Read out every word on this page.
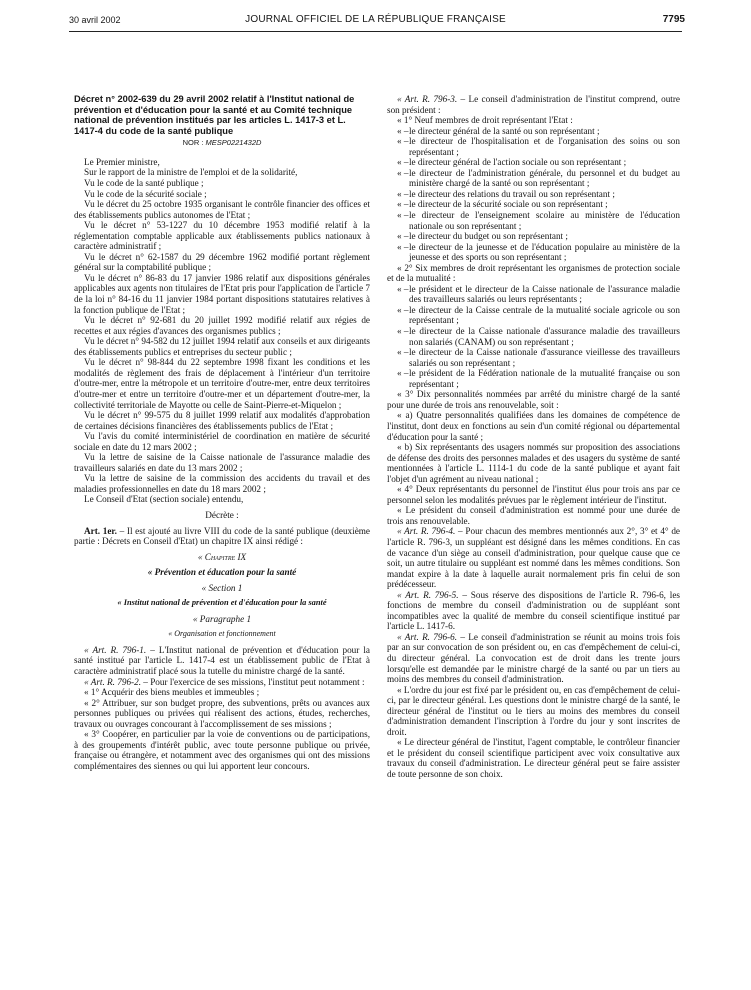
30 avril 2002	JOURNAL OFFICIEL DE LA RÉPUBLIQUE FRANÇAISE	7795

Décret n° 2002-639 du 29 avril 2002 relatif à l'Institut national de prévention et d'éducation pour la santé et au Comité technique national de prévention institués par les articles L. 1417-3 et L. 1417-4 du code de la santé publique

NOR : MESP0221432D

Le Premier ministre,

Sur le rapport de la ministre de l'emploi et de la solidarité,

Vu le code de la santé publique ;

Vu le code de la sécurité sociale ;

Vu le décret du 25 octobre 1935 organisant le contrôle financier des offices et des établissements publics autonomes de l'Etat ;

Vu le décret n° 53-1227 du 10 décembre 1953 modifié relatif à la réglementation comptable applicable aux établissements publics nationaux à caractère administratif ;

Vu le décret n° 62-1587 du 29 décembre 1962 modifié portant règlement général sur la comptabilité publique ;

Vu le décret n° 86-83 du 17 janvier 1986 relatif aux dispositions générales applicables aux agents non titulaires de l'Etat pris pour l'application de l'article 7 de la loi n° 84-16 du 11 janvier 1984 portant dispositions statutaires relatives à la fonction publique de l'Etat ;

Vu le décret n° 92-681 du 20 juillet 1992 modifié relatif aux régies de recettes et aux régies d'avances des organismes publics ;

Vu le décret n° 94-582 du 12 juillet 1994 relatif aux conseils et aux dirigeants des établissements publics et entreprises du secteur public ;

Vu le décret n° 98-844 du 22 septembre 1998 fixant les conditions et les modalités de règlement des frais de déplacement à l'intérieur d'un territoire d'outre-mer, entre la métropole et un territoire d'outre-mer, entre deux territoires d'outre-mer et entre un territoire d'outre-mer et un département d'outre-mer, la collectivité territoriale de Mayotte ou celle de Saint-Pierre-et-Miquelon ;

Vu le décret n° 99-575 du 8 juillet 1999 relatif aux modalités d'approbation de certaines décisions financières des établissements publics de l'Etat ;

Vu l'avis du comité interministériel de coordination en matière de sécurité sociale en date du 12 mars 2002 ;

Vu la lettre de saisine de la Caisse nationale de l'assurance maladie des travailleurs salariés en date du 13 mars 2002 ;

Vu la lettre de saisine de la commission des accidents du travail et des maladies professionnelles en date du 18 mars 2002 ;

Le Conseil d'Etat (section sociale) entendu,

Décrète :

Art. 1er. – Il est ajouté au livre VIII du code de la santé publique (deuxième partie : Décrets en Conseil d'Etat) un chapitre IX ainsi rédigé :

« Chapitre IX

« Prévention et éducation pour la santé

« Section 1

« Institut national de prévention et d'éducation pour la santé

« Paragraphe 1

« Organisation et fonctionnement

« Art. R. 796-1. – L'Institut national de prévention et d'éducation pour la santé institué par l'article L. 1417-4 est un établissement public de l'Etat à caractère administratif placé sous la tutelle du ministre chargé de la santé.

« Art. R. 796-2. – Pour l'exercice de ses missions, l'institut peut notamment :

« 1° Acquérir des biens meubles et immeubles ;

« 2° Attribuer, sur son budget propre, des subventions, prêts ou avances aux personnes publiques ou privées qui réalisent des actions, études, recherches, travaux ou ouvrages concourant à l'accomplissement de ses missions ;

« 3° Coopérer, en particulier par la voie de conventions ou de participations, à des groupements d'intérêt public, avec toute personne publique ou privée, française ou étrangère, et notamment avec des organismes qui ont des missions complémentaires des siennes ou qui lui apportent leur concours.

« Art. R. 796-3. – Le conseil d'administration de l'institut comprend, outre son président :

« 1° Neuf membres de droit représentant l'Etat :

« – le directeur général de la santé ou son représentant ;

« – le directeur de l'hospitalisation et de l'organisation des soins ou son représentant ;

« – le directeur général de l'action sociale ou son représentant ;

« – le directeur de l'administration générale, du personnel et du budget au ministère chargé de la santé ou son représentant ;

« – le directeur des relations du travail ou son représentant ;

« – le directeur de la sécurité sociale ou son représentant ;

« – le directeur de l'enseignement scolaire au ministère de l'éducation nationale ou son représentant ;

« – le directeur du budget ou son représentant ;

« – le directeur de la jeunesse et de l'éducation populaire au ministère de la jeunesse et des sports ou son représentant ;

« 2° Six membres de droit représentant les organismes de protection sociale et de la mutualité :

« – le président et le directeur de la Caisse nationale de l'assurance maladie des travailleurs salariés ou leurs représentants ;

« – le directeur de la Caisse centrale de la mutualité sociale agricole ou son représentant ;

« – le directeur de la Caisse nationale d'assurance maladie des travailleurs non salariés (CANAM) ou son représentant ;

« – le directeur de la Caisse nationale d'assurance vieillesse des travailleurs salariés ou son représentant ;

« – le président de la Fédération nationale de la mutualité française ou son représentant ;

« 3° Dix personnalités nommées par arrêté du ministre chargé de la santé pour une durée de trois ans renouvelable, soit :

« a) Quatre personnalités qualifiées dans les domaines de compétence de l'institut, dont deux en fonctions au sein d'un comité régional ou départemental d'éducation pour la santé ;

« b) Six représentants des usagers nommés sur proposition des associations de défense des droits des personnes malades et des usagers du système de santé mentionnées à l'article L. 1114-1 du code de la santé publique et ayant fait l'objet d'un agrément au niveau national ;

« 4° Deux représentants du personnel de l'institut élus pour trois ans par ce personnel selon les modalités prévues par le règlement intérieur de l'institut.

« Le président du conseil d'administration est nommé pour une durée de trois ans renouvelable.

« Art. R. 796-4. – Pour chacun des membres mentionnés aux 2°, 3° et 4° de l'article R. 796-3, un suppléant est désigné dans les mêmes conditions. En cas de vacance d'un siège au conseil d'administration, pour quelque cause que ce soit, un autre titulaire ou suppléant est nommé dans les mêmes conditions. Son mandat expire à la date à laquelle aurait normalement pris fin celui de son prédécesseur.

« Art. R. 796-5. – Sous réserve des dispositions de l'article R. 796-6, les fonctions de membre du conseil d'administration ou de suppléant sont incompatibles avec la qualité de membre du conseil scientifique institué par l'article L. 1417-6.

« Art. R. 796-6. – Le conseil d'administration se réunit au moins trois fois par an sur convocation de son président ou, en cas d'empêchement de celui-ci, du directeur général. La convocation est de droit dans les trente jours lorsqu'elle est demandée par le ministre chargé de la santé ou par un tiers au moins des membres du conseil d'administration.

« L'ordre du jour est fixé par le président ou, en cas d'empêchement de celui-ci, par le directeur général. Les questions dont le ministre chargé de la santé, le directeur général de l'institut ou le tiers au moins des membres du conseil d'administration demandent l'inscription à l'ordre du jour y sont inscrites de droit.

« Le directeur général de l'institut, l'agent comptable, le contrôleur financier et le président du conseil scientifique participent avec voix consultative aux travaux du conseil d'administration. Le directeur général peut se faire assister de toute personne de son choix.
